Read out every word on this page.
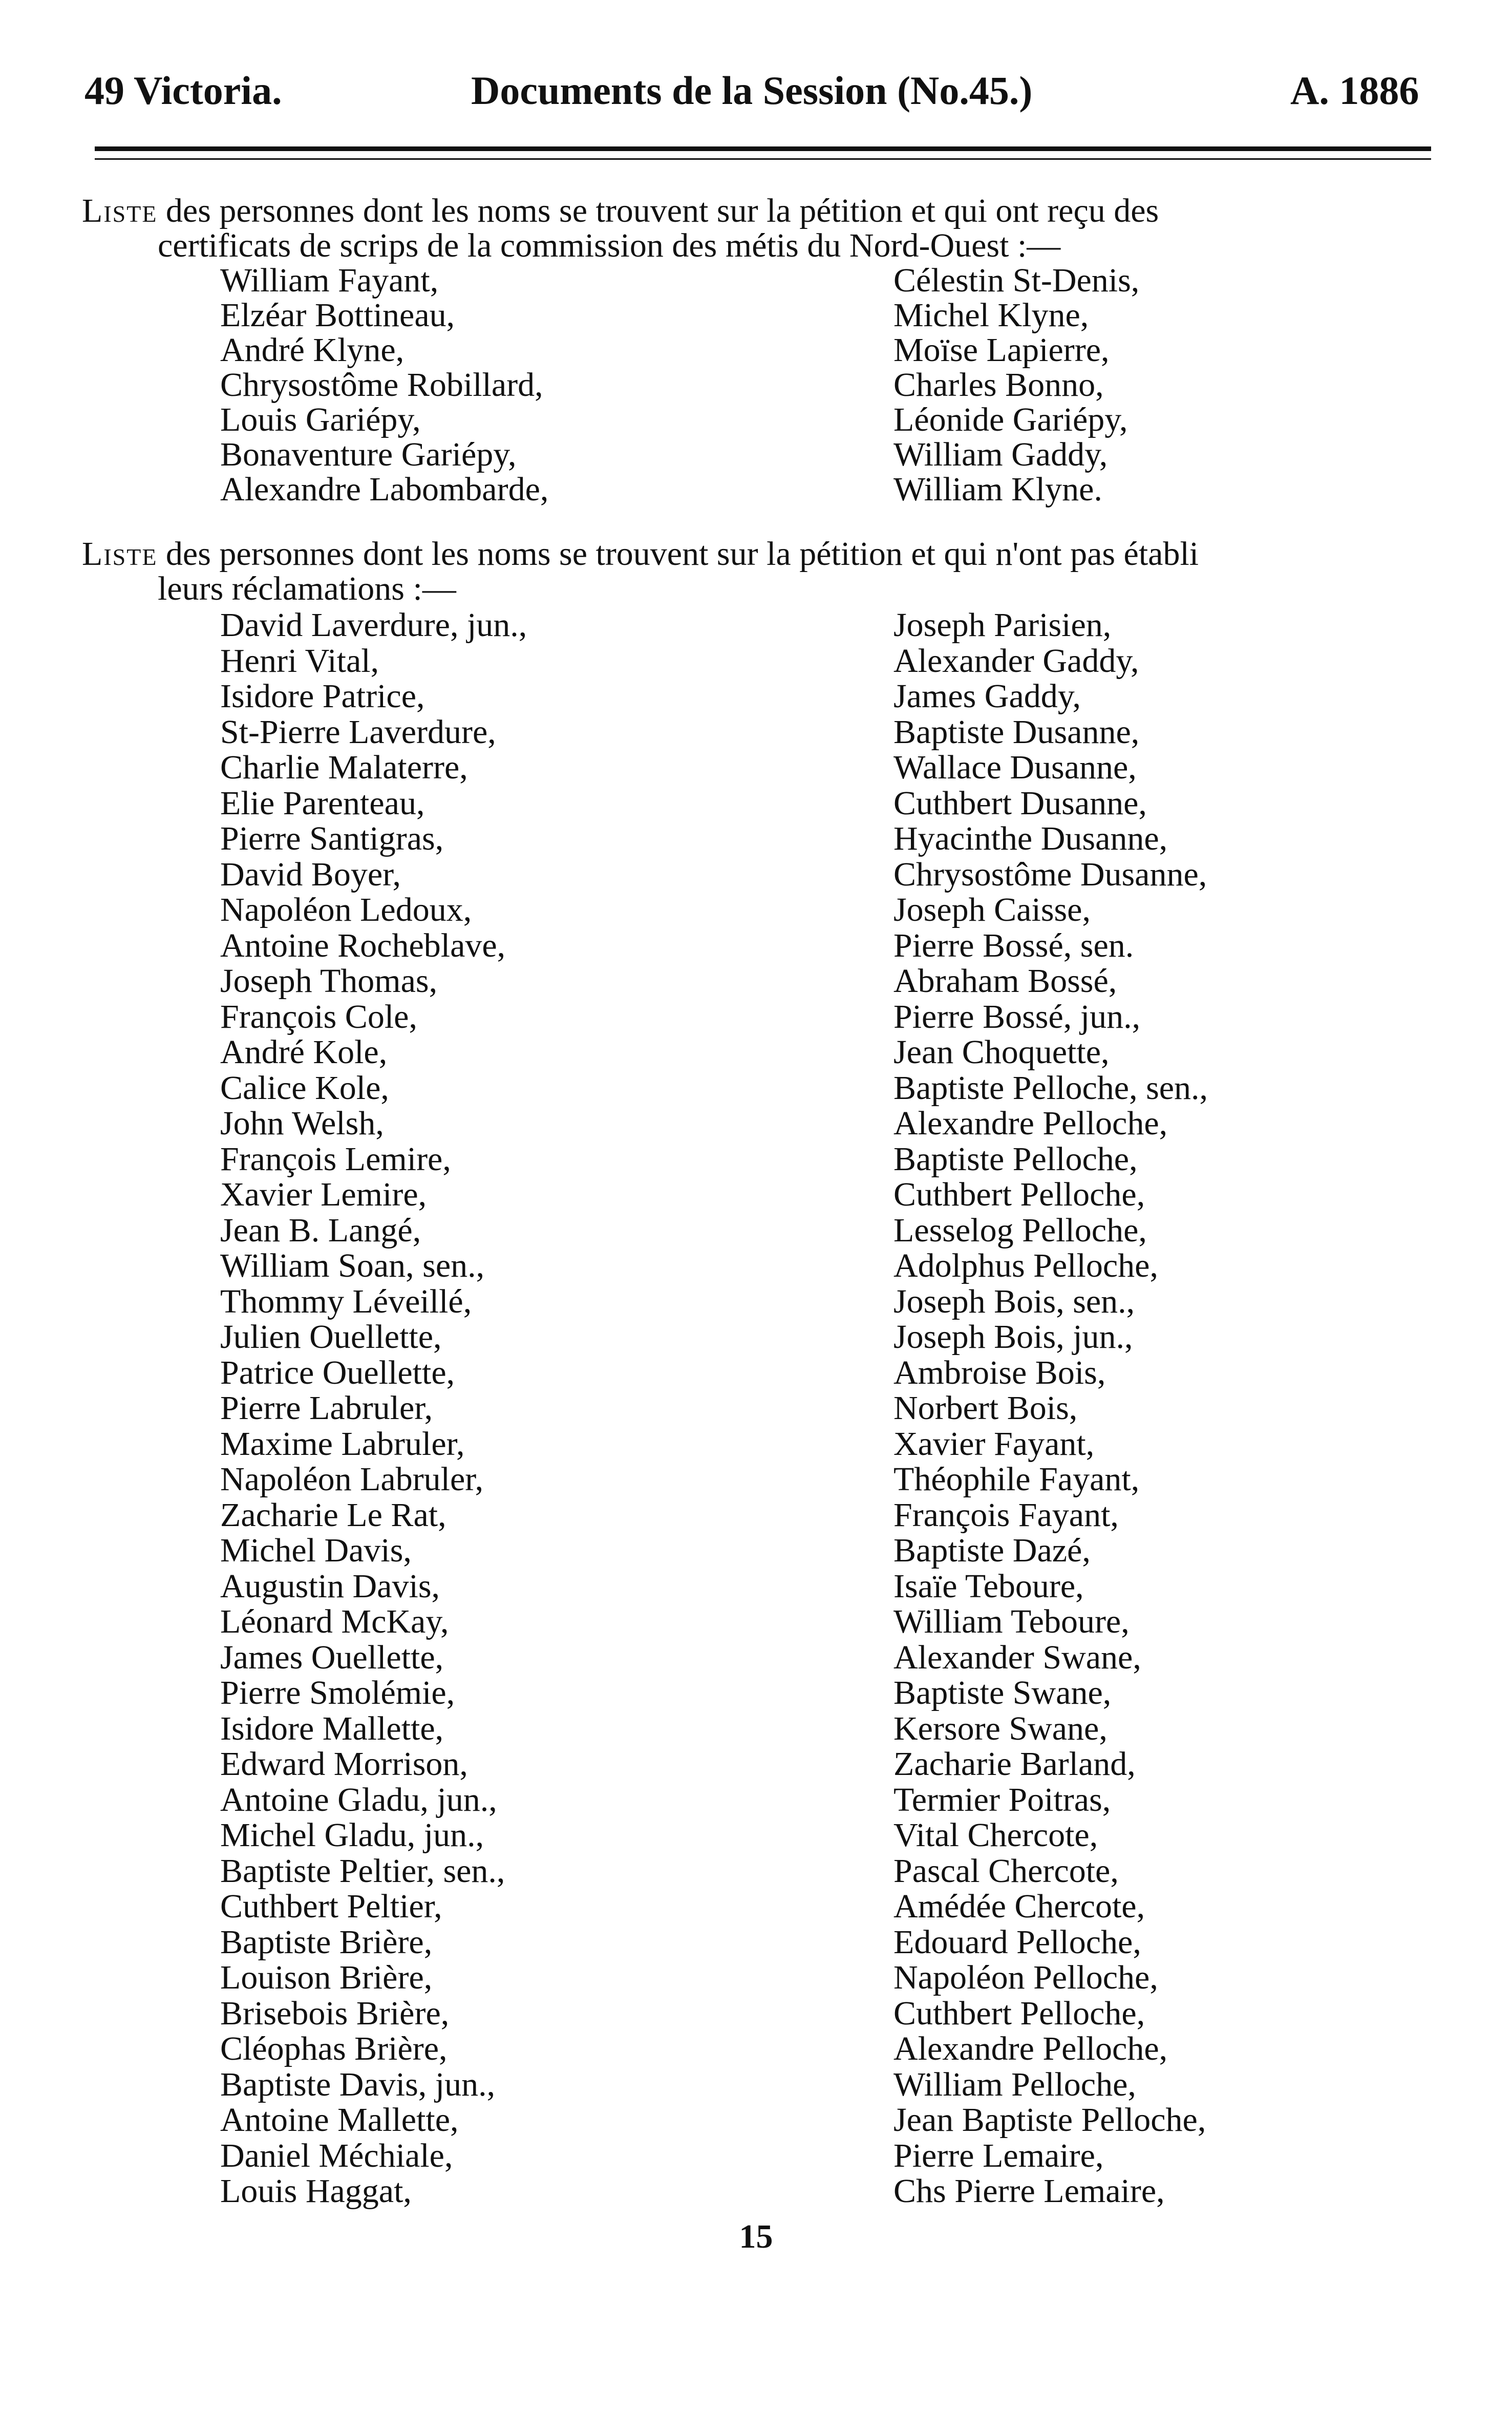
49 Victoria.	Documents de la Session (No.45.)	A. 1886
Liste des personnes dont les noms se trouvent sur la pétition et qui ont reçu des
certificats de scrips de la commission des métis du Nord-Ouest :—
William Fayant,
Elzéar Bottineau,
André Klyne,
Chrysostôme Robillard,
Louis Gariépy,
Bonaventure Gariépy,
Alexandre Labombarde,
Célestin St-Denis,
Michel Klyne,
Moïse Lapierre,
Charles Bonno,
Léonide Gariépy,
William Gaddy,
William Klyne.
Liste des personnes dont les noms se trouvent sur la pétition et qui n'ont pas établi
leurs réclamations :—
David Laverdure, jun.,
Henri Vital,
Isidore Patrice,
St-Pierre Laverdure,
Charlie Malaterre,
Elie Parenteau,
Pierre Santigras,
David Boyer,
Napoléon Ledoux,
Antoine Rocheblave,
Joseph Thomas,
François Cole,
André Kole,
Calice Kole,
John Welsh,
François Lemire,
Xavier Lemire,
Jean B. Langé,
William Soan, sen.,
Thommy Léveillé,
Julien Ouellette,
Patrice Ouellette,
Pierre Labruler,
Maxime Labruler,
Napoléon Labruler,
Zacharie Le Rat,
Michel Davis,
Augustin Davis,
Léonard McKay,
James Ouellette,
Pierre Smolémie,
Isidore Mallette,
Edward Morrison,
Antoine Gladu, jun.,
Michel Gladu, jun.,
Baptiste Peltier, sen.,
Cuthbert Peltier,
Baptiste Brière,
Louison Brière,
Brisebois Brière,
Cléophas Brière,
Baptiste Davis, jun.,
Antoine Mallette,
Daniel Méchiale,
Louis Haggat,
Joseph Parisien,
Alexander Gaddy,
James Gaddy,
Baptiste Dusanne,
Wallace Dusanne,
Cuthbert Dusanne,
Hyacinthe Dusanne,
Chrysostôme Dusanne,
Joseph Caisse,
Pierre Bossé, sen.
Abraham Bossé,
Pierre Bossé, jun.,
Jean Choquette,
Baptiste Pelloche, sen.,
Alexandre Pelloche,
Baptiste Pelloche,
Cuthbert Pelloche,
Lesselog Pelloche,
Adolphus Pelloche,
Joseph Bois, sen.,
Joseph Bois, jun.,
Ambroise Bois,
Norbert Bois,
Xavier Fayant,
Théophile Fayant,
François Fayant,
Baptiste Dazé,
Isaïe Teboure,
William Teboure,
Alexander Swane,
Baptiste Swane,
Kersore Swane,
Zacharie Barland,
Termier Poitras,
Vital Chercote,
Pascal Chercote,
Amédée Chercote,
Edouard Pelloche,
Napoléon Pelloche,
Cuthbert Pelloche,
Alexandre Pelloche,
William Pelloche,
Jean Baptiste Pelloche,
Pierre Lemaire,
Chs Pierre Lemaire,
15
